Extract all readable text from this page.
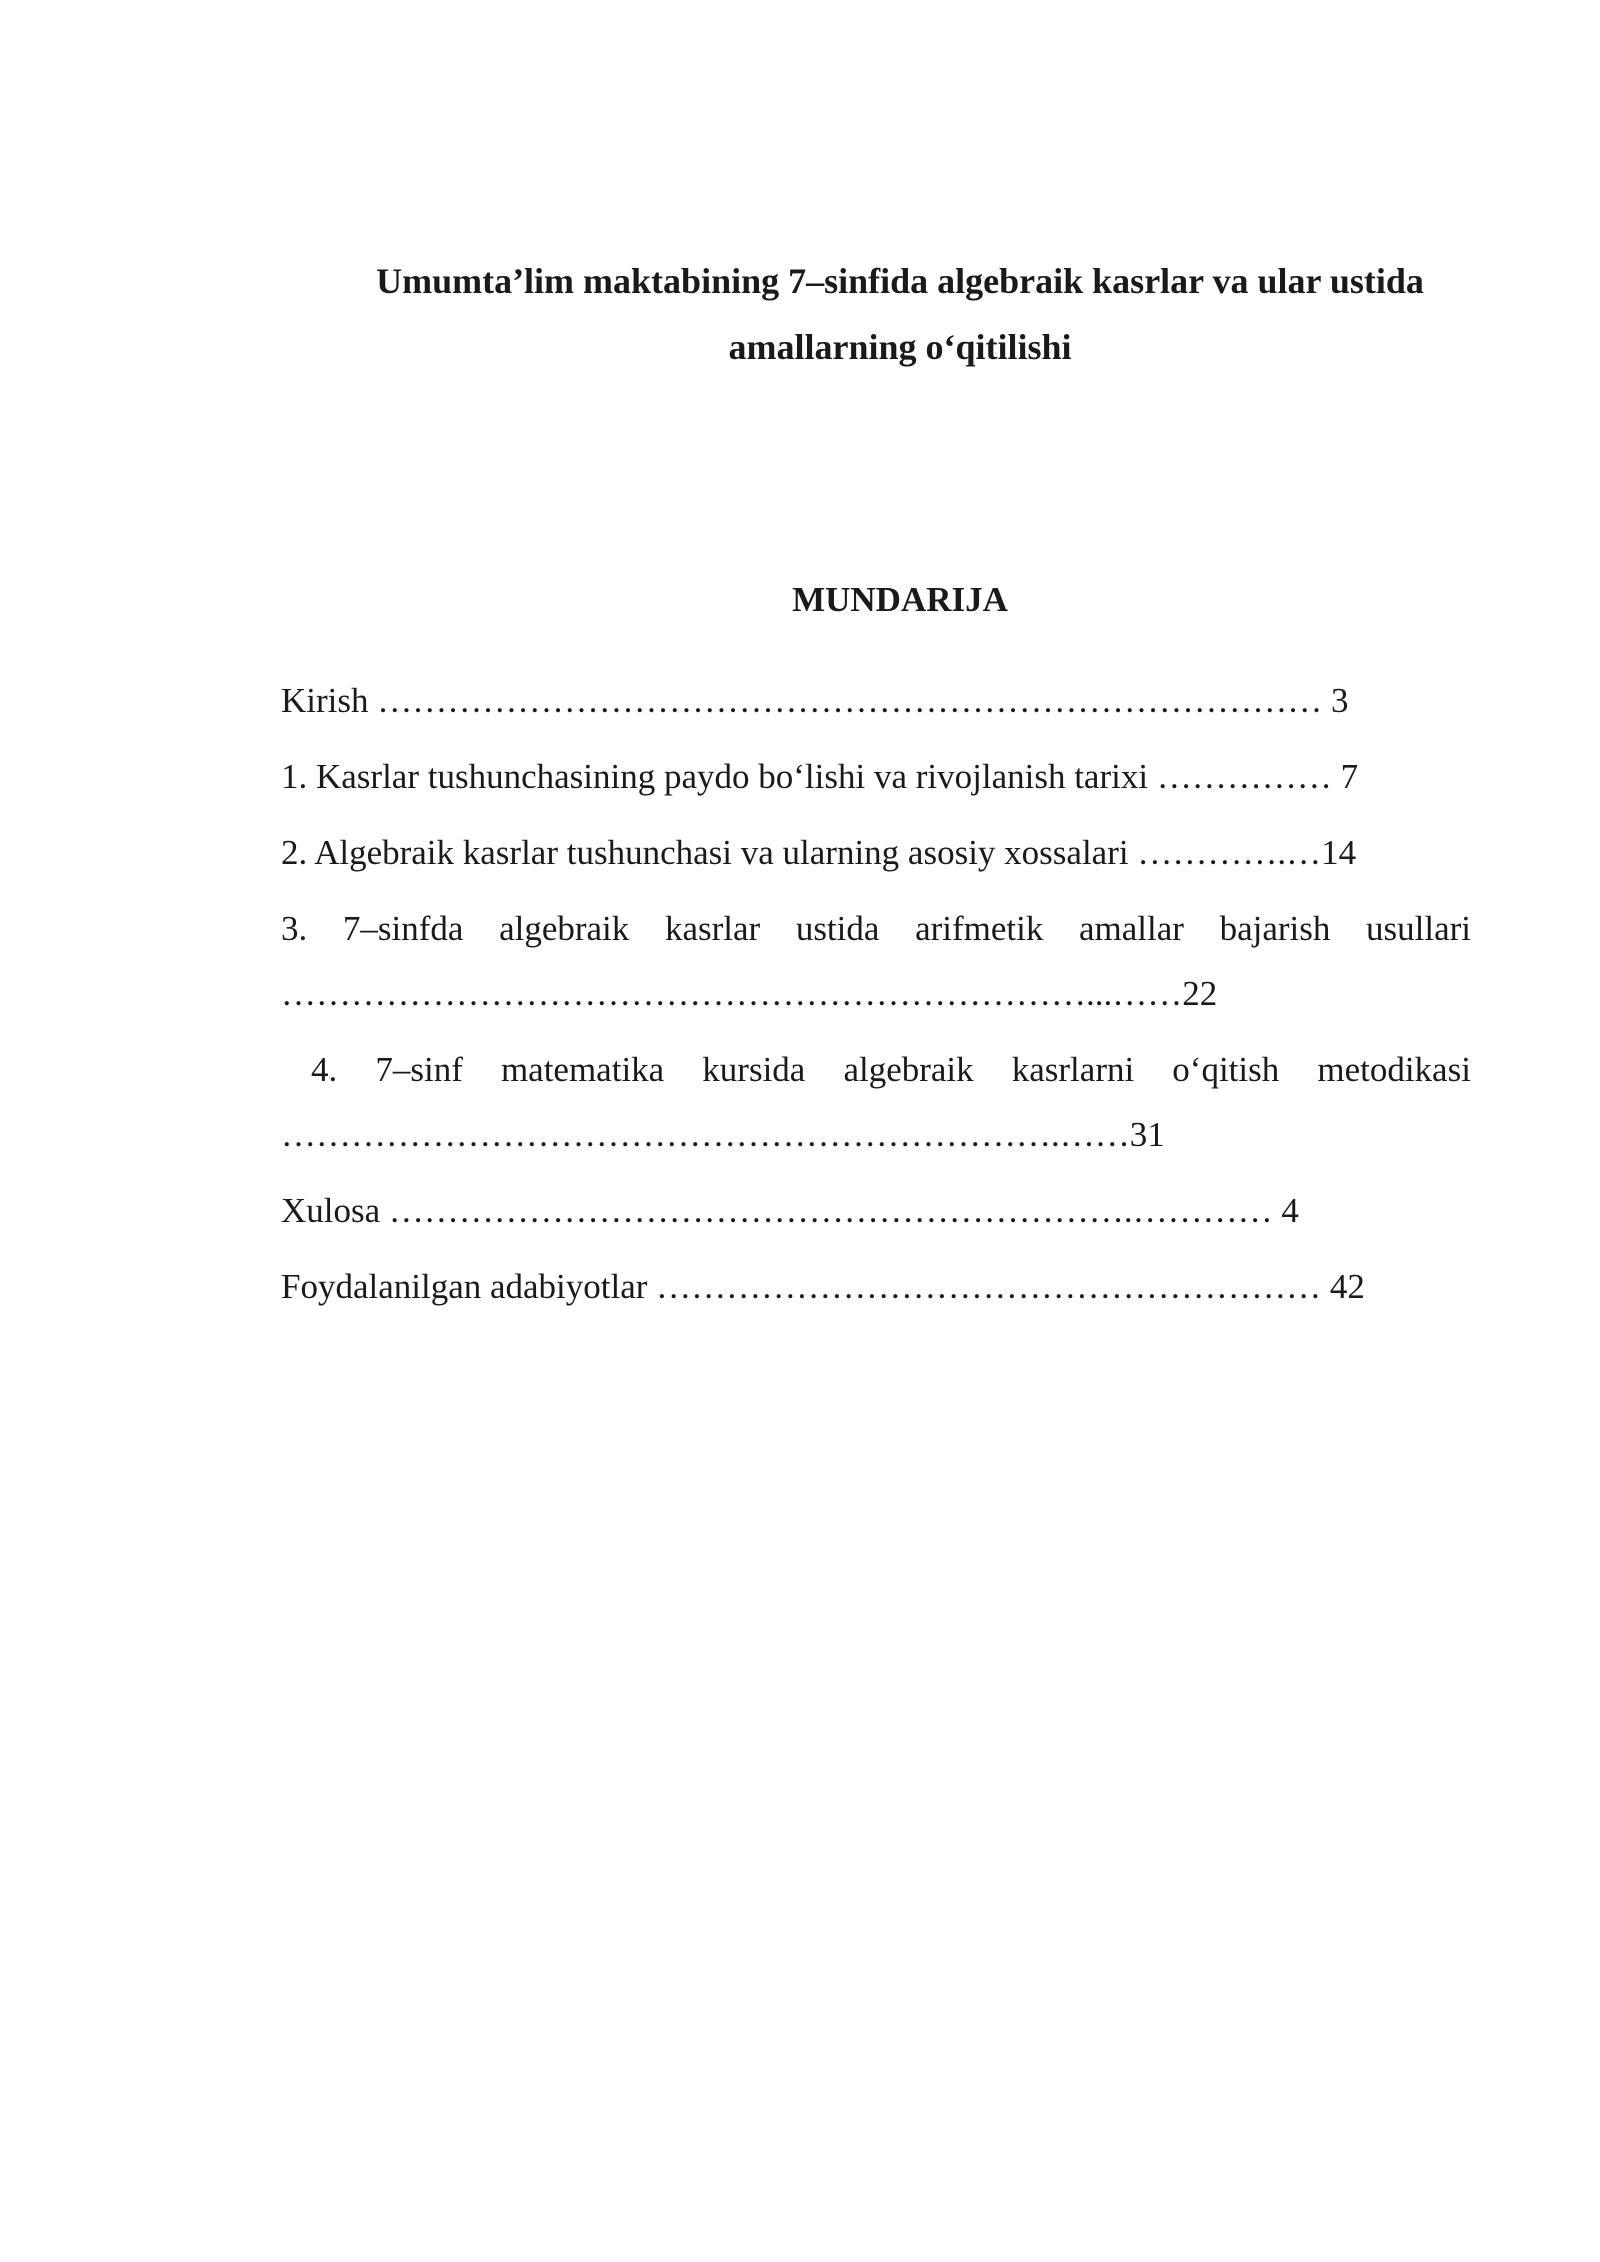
Umumta’lim maktabining 7–sinfida algebraik kasrlar va ular ustida
amallarning o‘qitilishi
MUNDARIJA
Kirish ……………………………………………………………………… 3
1. Kasrlar tushunchasining paydo bo‘lishi va rivojlanish tarixi …………… 7
2. Algebraik kasrlar tushunchasi va ularning asosiy xossalari ………….…14
3. 7–sinfda algebraik kasrlar ustida arifmetik amallar bajarish usullari
……………………………………………………………...……22
4. 7–sinf matematika kursida algebraik kasrlarni o‘qitish metodikasi
………………………………………………………….……31
Xulosa ……………………………………………………….………… 4
Foydalanilgan adabiyotlar ………………………………………………… 42
